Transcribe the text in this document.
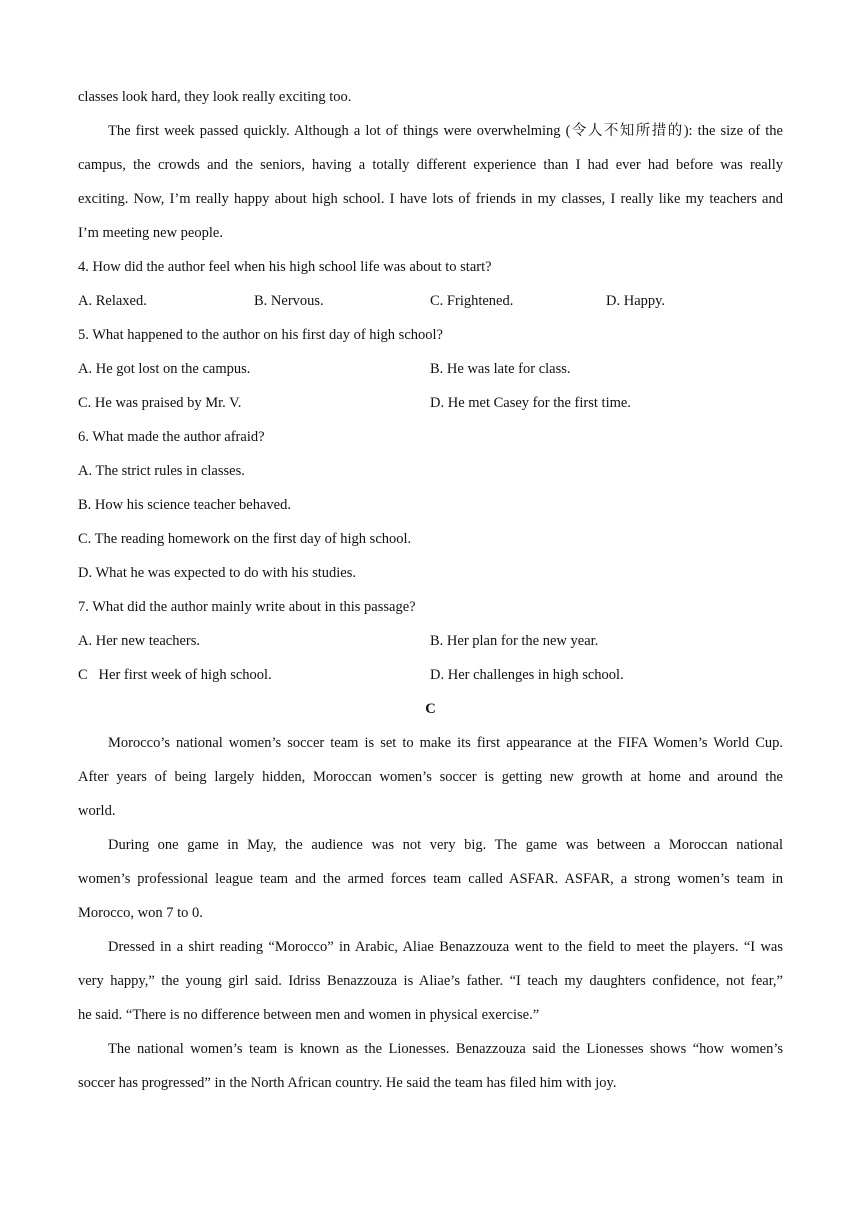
classes look hard, they look really exciting too.
The first week passed quickly. Although a lot of things were overwhelming (令人不知所措的): the size of the
campus, the crowds and the seniors, having a totally different experience than I had ever had before was really
exciting. Now, I’m really happy about high school. I have lots of friends in my classes, I really like my teachers and
I’m meeting new people.
4. How did the author feel when his high school life was about to start?
A. Relaxed.	B. Nervous.	C. Frightened.	D. Happy.
5. What happened to the author on his first day of high school?
A. He got lost on the campus.	B. He was late for class.
C. He was praised by Mr. V.	D. He met Casey for the first time.
6. What made the author afraid?
A. The strict rules in classes.
B. How his science teacher behaved.
C. The reading homework on the first day of high school.
D. What he was expected to do with his studies.
7. What did the author mainly write about in this passage?
A. Her new teachers.	B. Her plan for the new year.
C   Her first week of high school.	D. Her challenges in high school.
C
Morocco’s national women’s soccer team is set to make its first appearance at the FIFA Women’s World Cup.
After years of being largely hidden, Moroccan women’s soccer is getting new growth at home and around the
world.
During one game in May, the audience was not very big. The game was between a Moroccan national
women’s professional league team and the armed forces team called ASFAR. ASFAR, a strong women’s team in
Morocco, won 7 to 0.
Dressed in a shirt reading “Morocco” in Arabic, Aliae Benazzouza went to the field to meet the players. “I was
very happy,” the young girl said. Idriss Benazzouza is Aliae’s father. “I teach my daughters confidence, not fear,”
he said. “There is no difference between men and women in physical exercise.”
The national women’s team is known as the Lionesses. Benazzouza said the Lionesses shows “how women’s
soccer has progressed” in the North African country. He said the team has filed him with joy.
